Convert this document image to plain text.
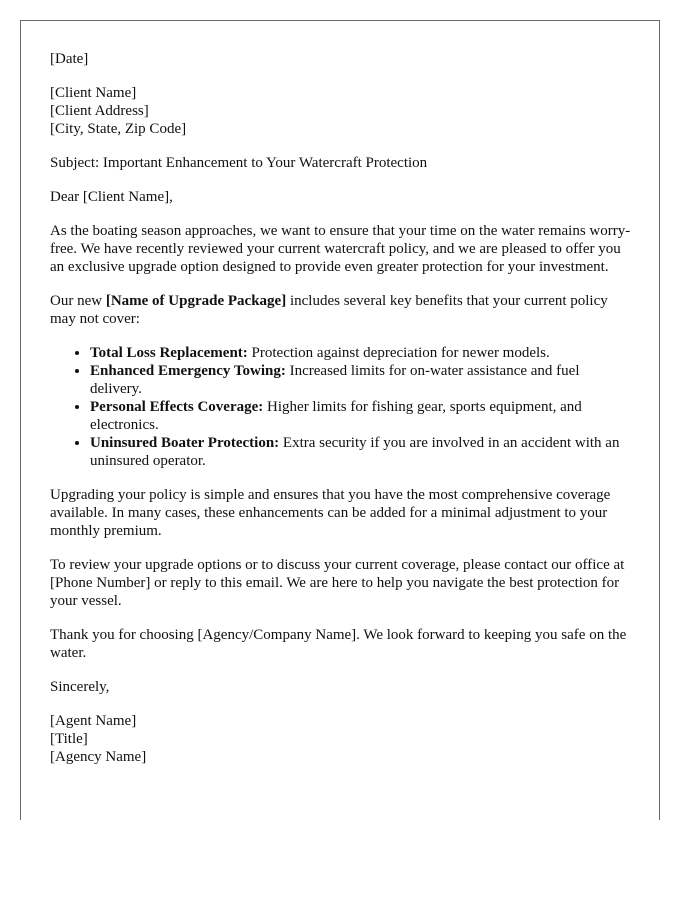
[Date]

[Client Name]
[Client Address]
[City, State, Zip Code]

Subject: Important Enhancement to Your Watercraft Protection

Dear [Client Name],

As the boating season approaches, we want to ensure that your time on the water remains worry-free. We have recently reviewed your current watercraft policy, and we are pleased to offer you an exclusive upgrade option designed to provide even greater protection for your investment.

Our new [Name of Upgrade Package] includes several key benefits that your current policy may not cover:

• Total Loss Replacement: Protection against depreciation for newer models.
• Enhanced Emergency Towing: Increased limits for on-water assistance and fuel delivery.
• Personal Effects Coverage: Higher limits for fishing gear, sports equipment, and electronics.
• Uninsured Boater Protection: Extra security if you are involved in an accident with an uninsured operator.

Upgrading your policy is simple and ensures that you have the most comprehensive coverage available. In many cases, these enhancements can be added for a minimal adjustment to your monthly premium.

To review your upgrade options or to discuss your current coverage, please contact our office at [Phone Number] or reply to this email. We are here to help you navigate the best protection for your vessel.

Thank you for choosing [Agency/Company Name]. We look forward to keeping you safe on the water.

Sincerely,

[Agent Name]
[Title]
[Agency Name]
